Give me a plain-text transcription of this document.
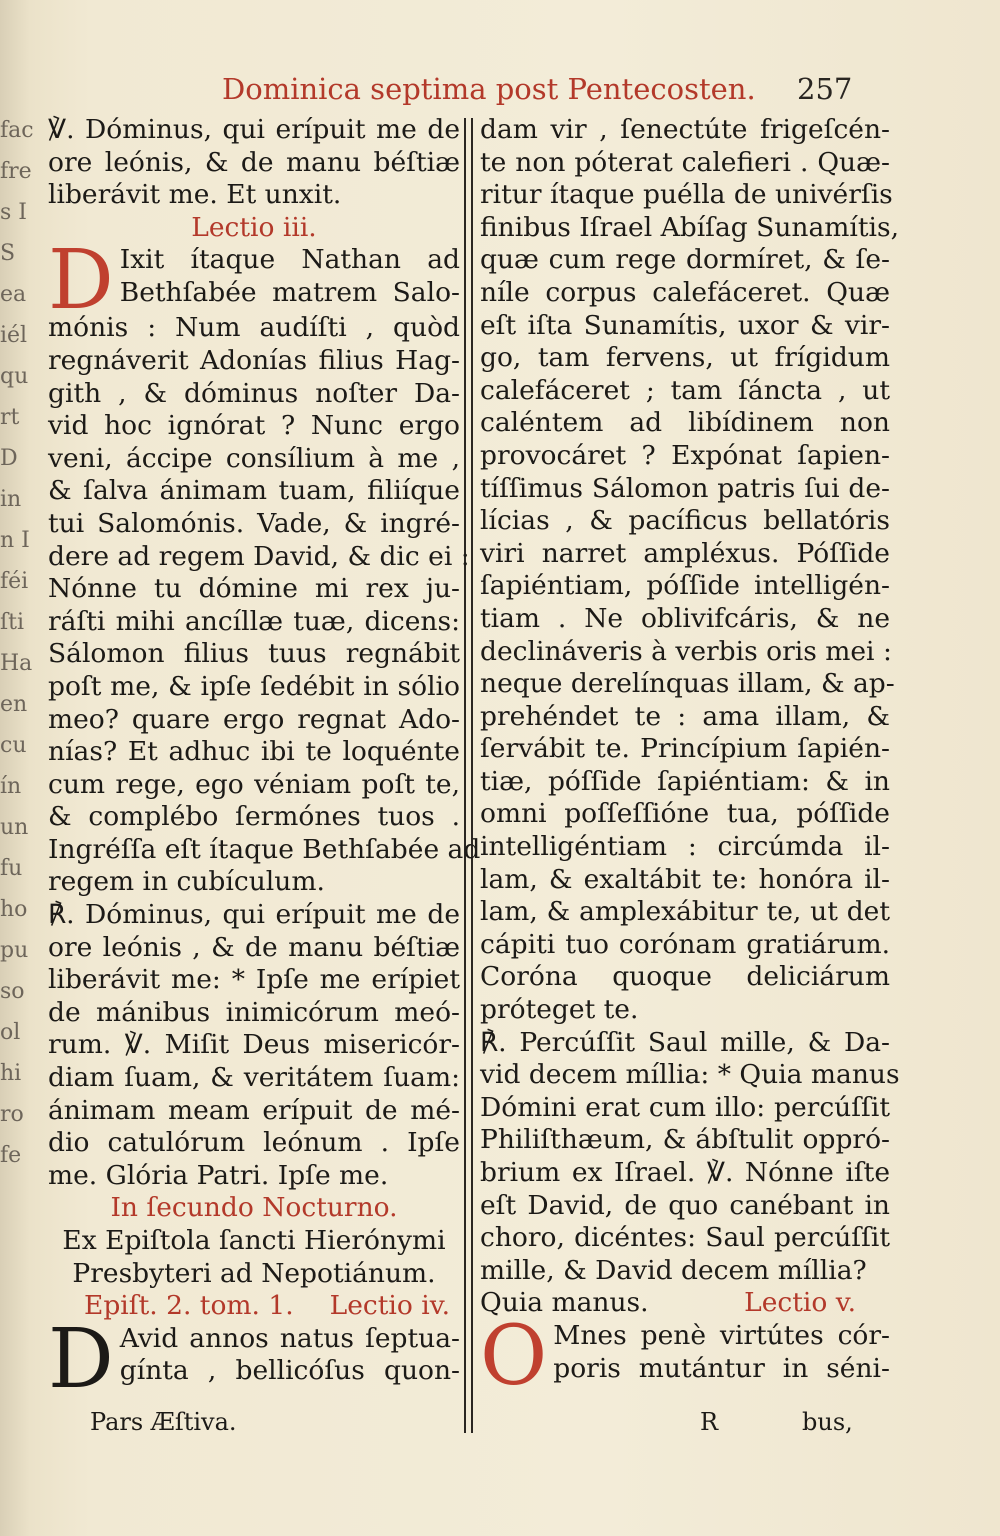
fac
fre
s I
S
ea
iél
qu
rt
D
in
n I
féi
ſti
Ha
en
cu
ín
un
fu
ho
pu
so
ol
hi
ro
fe
Dominica septima post Pentecosten. 257
℣. Dóminus, qui erípuit me de
ore leónis, & de manu béſtiæ
liberávit me. Et unxit.
Lectio iii.
D Ixit ítaque Nathan ad
Bethſabée matrem Salo-
mónis : Num audíſti , quòd
regnáverit Adonías filius Hag-
gith , & dóminus noſter Da-
vid hoc ignórat ? Nunc ergo
veni, áccipe consílium à me ,
& ſalva ánimam tuam, filiíque
tui Salomónis. Vade, & ingré-
dere ad regem David, & dic ei :
Nónne tu dómine mi rex ju-
ráſti mihi ancíllæ tuæ, dicens:
Sálomon filius tuus regnábit
poſt me, & ipſe ſedébit in sólio
meo? quare ergo regnat Ado-
nías? Et adhuc ibi te loquénte
cum rege, ego véniam poſt te,
& complébo ſermónes tuos .
Ingréſſa eſt ítaque Bethſabée ad
regem in cubículum.
℟. Dóminus, qui erípuit me de
ore leónis , & de manu béſtiæ
liberávit me: * Ipſe me erípiet
de mánibus inimicórum meó-
rum. ℣. Miſit Deus misericór-
diam ſuam, & veritátem ſuam:
ánimam meam erípuit de mé-
dio catulórum leónum . Ipſe
me. Glória Patri. Ipſe me.
In ſecundo Nocturno.
Ex Epiſtola ſancti Hierónymi
Presbyteri ad Nepotiánum.
Epiſt. 2. tom. 1. Lectio iv.
D Avid annos natus ſeptua-
gínta , bellicóſus quon-
dam vir , ſenectúte frigeſcén-
te non póterat calefieri . Quæ-
ritur ítaque puélla de univérſis
finibus Iſrael Abíſag Sunamítis,
quæ cum rege dormíret, & ſe-
níle corpus calefáceret. Quæ
eſt iſta Sunamítis, uxor & vir-
go, tam fervens, ut frígidum
calefáceret ; tam ſáncta , ut
caléntem ad libídinem non
provocáret ? Expónat ſapien-
tíſſimus Sálomon patris ſui de-
lícias , & pacíficus bellatóris
viri narret ampléxus. Póſſide
ſapiéntiam, póſſide intelligén-
tiam . Ne oblivifcáris, & ne
declináveris à verbis oris mei :
neque derelínquas illam, & ap-
prehéndet te : ama illam, &
ſervábit te. Princípium ſapién-
tiæ, póſſide ſapiéntiam: & in
omni poſſeſſióne tua, póſſide
intelligéntiam : circúmda il-
lam, & exaltábit te: honóra il-
lam, & amplexábitur te, ut det
cápiti tuo corónam gratiárum.
Coróna quoque deliciárum
próteget te.
℟. Percúſſit Saul mille, & Da-
vid decem míllia: * Quia manus
Dómini erat cum illo: percúſſit
Philiſthæum, & ábſtulit oppró-
brium ex Iſrael. ℣. Nónne iſte
eſt David, de quo canébant in
choro, dicéntes: Saul percúſſit
mille, & David decem míllia?
Quia manus.	Lectio v.
O Mnes penè virtútes cór-
poris mutántur in séni-
Pars Æſtiva.	R	bus,
